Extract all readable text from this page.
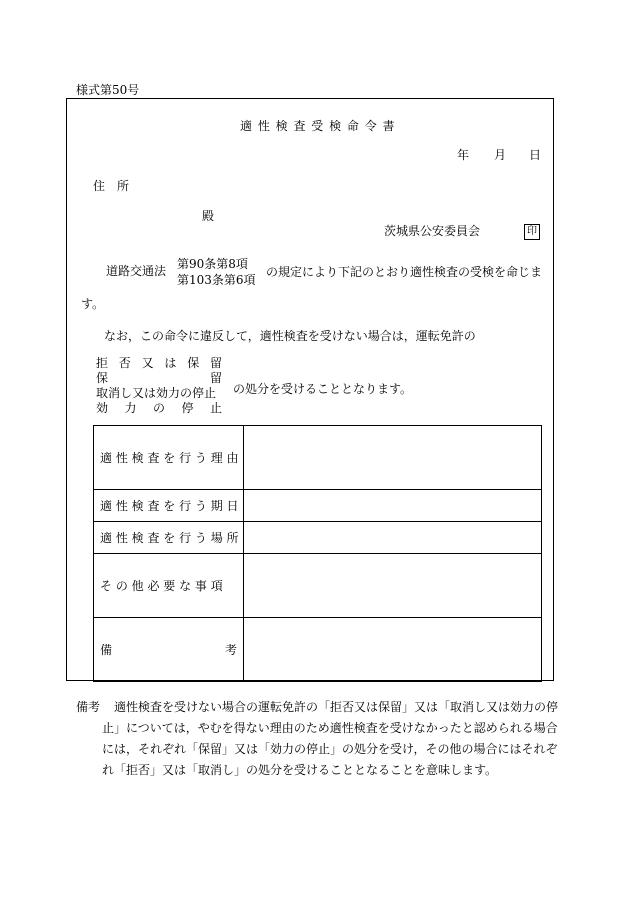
様式第50号
適 性 検 査 受 検 命 令 書
年 月 日
住　所
殿
茨城県公安委員会	印
道路交通法 第90条第8項
第103条第6項
の規定により下記のとおり適性検査の受検を命じま
す。
なお，この命令に違反して，適性検査を受けない場合は，運転免許の
拒 否 又 は 保 留
保	留
取消し又は効力の停止
効 力 の 停 止
の処分を受けることとなります。
適 性 検 査 を 行 う 理 由	

適 性 検 査 を 行 う 期 日	

適 性 検 査 を 行 う 場 所	

そ の 他 必 要 な 事 項	

備 考	

備考 適性検査を受けない場合の運転免許の「拒否又は保留」又は「取消し又は効力の停
止」については，やむを得ない理由のため適性検査を受けなかったと認められる場合
には，それぞれ「保留」又は「効力の停止」の処分を受け，その他の場合にはそれぞ
れ「拒否」又は「取消し」の処分を受けることとなることを意味します。
